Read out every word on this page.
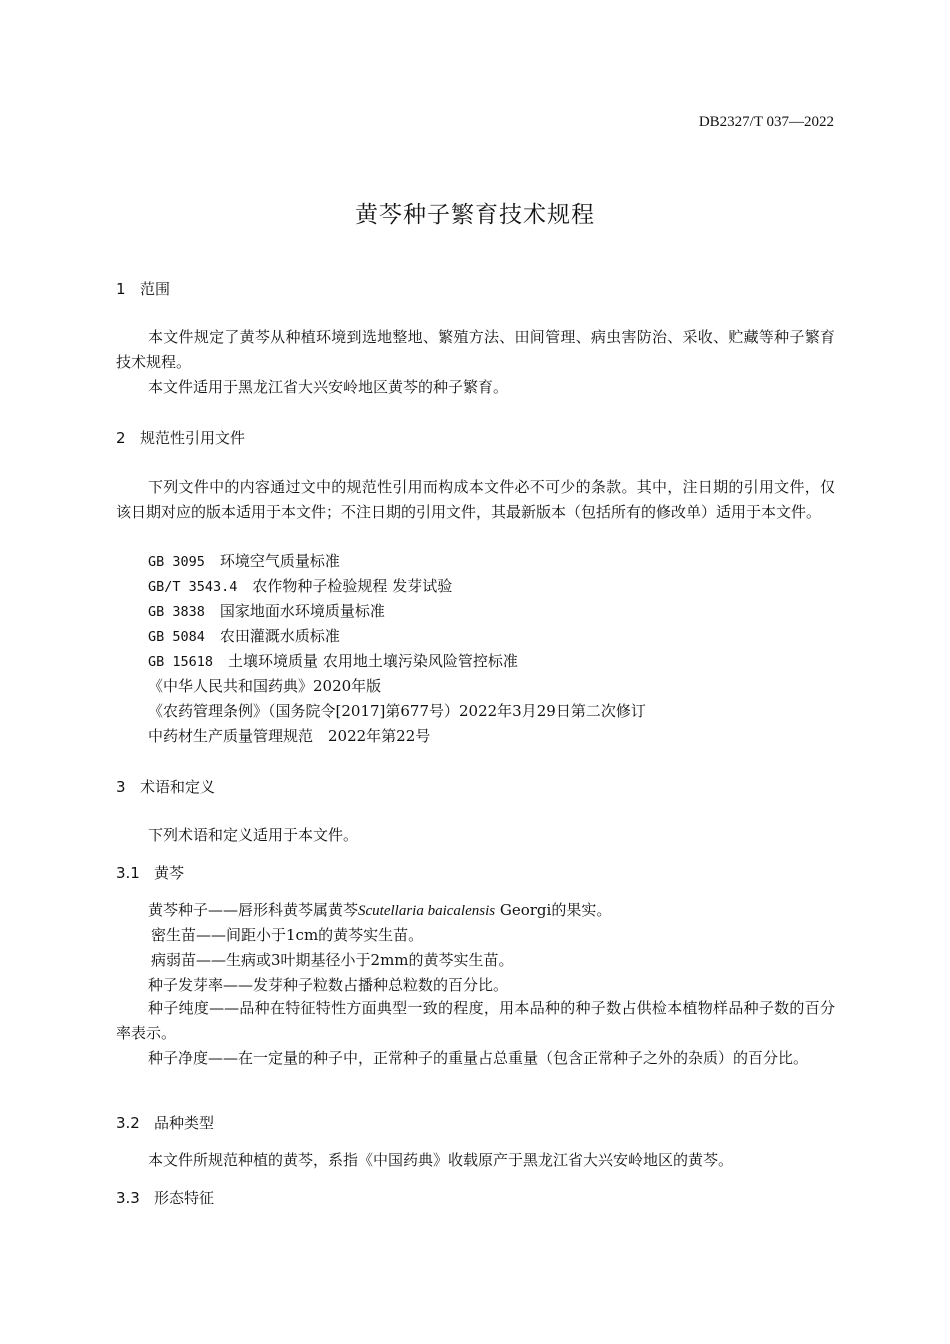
DB2327/T 037—2022
黄芩种子繁育技术规程
1 范围
本文件规定了黄芩从种植环境到选地整地、繁殖方法、田间管理、病虫害防治、采收、贮藏等种子繁育技术规程。
本文件适用于黑龙江省大兴安岭地区黄芩的种子繁育。
2 规范性引用文件
下列文件中的内容通过文中的规范性引用而构成本文件必不可少的条款。其中，注日期的引用文件，仅该日期对应的版本适用于本文件；不注日期的引用文件，其最新版本（包括所有的修改单）适用于本文件。
GB 3095　 环境空气质量标准
GB/T 3543.4　 农作物种子检验规程 发芽试验
GB 3838　 国家地面水环境质量标准
GB 5084　 农田灌溉水质标准
GB 15618　 土壤环境质量 农用地土壤污染风险管控标准
《中华人民共和国药典》2020年版
《农药管理条例》（国务院令[2017]第677号）2022年3月29日第二次修订
中药材生产质量管理规范　2022年第22号
3 术语和定义
下列术语和定义适用于本文件。
3.1 黄芩
黄芩种子——唇形科黄芩属黄芩Scutellaria baicalensis Georgi的果实。
密生苗——间距小于1cm的黄芩实生苗。
病弱苗——生病或3叶期基径小于2mm的黄芩实生苗。
种子发芽率——发芽种子粒数占播种总粒数的百分比。
种子纯度——品种在特征特性方面典型一致的程度，用本品种的种子数占供检本植物样品种子数的百分率表示。
种子净度——在一定量的种子中，正常种子的重量占总重量（包含正常种子之外的杂质）的百分比。
3.2 品种类型
本文件所规范种植的黄芩，系指《中国药典》收载原产于黑龙江省大兴安岭地区的黄芩。
3.3 形态特征
